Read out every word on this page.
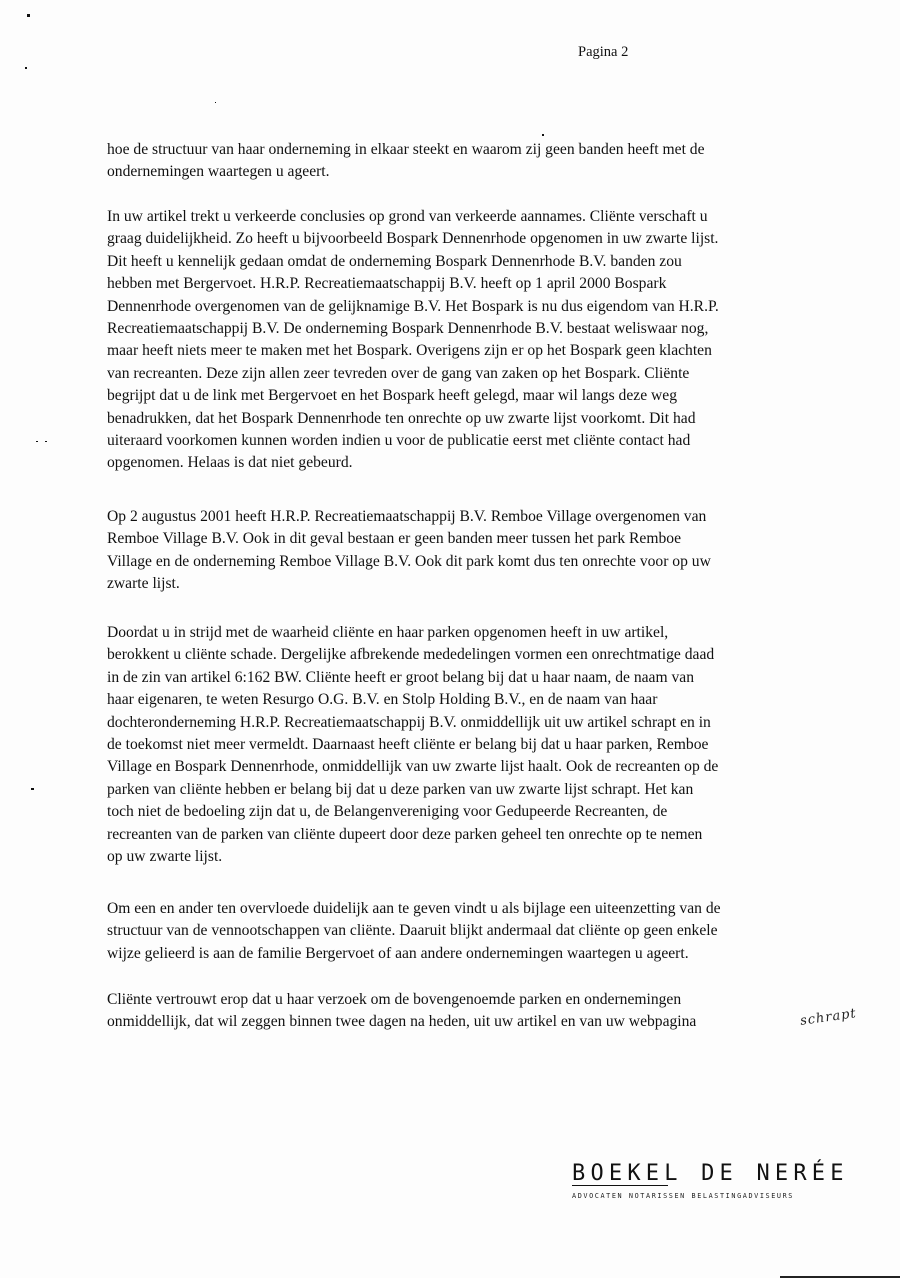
Pagina 2
hoe de structuur van haar onderneming in elkaar steekt en waarom zij geen banden heeft met de
ondernemingen waartegen u ageert.
In uw artikel trekt u verkeerde conclusies op grond van verkeerde aannames. Cliënte verschaft u
graag duidelijkheid. Zo heeft u bijvoorbeeld Bospark Dennenrhode opgenomen in uw zwarte lijst.
Dit heeft u kennelijk gedaan omdat de onderneming Bospark Dennenrhode B.V. banden zou
hebben met Bergervoet. H.R.P. Recreatiemaatschappij B.V. heeft op 1 april 2000 Bospark
Dennenrhode overgenomen van de gelijknamige B.V. Het Bospark is nu dus eigendom van H.R.P.
Recreatiemaatschappij B.V. De onderneming Bospark Dennenrhode B.V. bestaat weliswaar nog,
maar heeft niets meer te maken met het Bospark. Overigens zijn er op het Bospark geen klachten
van recreanten. Deze zijn allen zeer tevreden over de gang van zaken op het Bospark. Cliënte
begrijpt dat u de link met Bergervoet en het Bospark heeft gelegd, maar wil langs deze weg
benadrukken, dat het Bospark Dennenrhode ten onrechte op uw zwarte lijst voorkomt. Dit had
uiteraard voorkomen kunnen worden indien u voor de publicatie eerst met cliënte contact had
opgenomen. Helaas is dat niet gebeurd.
Op 2 augustus 2001 heeft H.R.P. Recreatiemaatschappij B.V. Remboe Village overgenomen van
Remboe Village B.V. Ook in dit geval bestaan er geen banden meer tussen het park Remboe
Village en de onderneming Remboe Village B.V. Ook dit park komt dus ten onrechte voor op uw
zwarte lijst.
Doordat u in strijd met de waarheid cliënte en haar parken opgenomen heeft in uw artikel,
berokkent u cliënte schade. Dergelijke afbrekende mededelingen vormen een onrechtmatige daad
in de zin van artikel 6:162 BW. Cliënte heeft er groot belang bij dat u haar naam, de naam van
haar eigenaren, te weten Resurgo O.G. B.V. en Stolp Holding B.V., en de naam van haar
dochteronderneming H.R.P. Recreatiemaatschappij B.V. onmiddellijk uit uw artikel schrapt en in
de toekomst niet meer vermeldt. Daarnaast heeft cliënte er belang bij dat u haar parken, Remboe
Village en Bospark Dennenrhode, onmiddellijk van uw zwarte lijst haalt. Ook de recreanten op de
parken van cliënte hebben er belang bij dat u deze parken van uw zwarte lijst schrapt. Het kan
toch niet de bedoeling zijn dat u, de Belangenvereniging voor Gedupeerde Recreanten, de
recreanten van de parken van cliënte dupeert door deze parken geheel ten onrechte op te nemen
op uw zwarte lijst.
Om een en ander ten overvloede duidelijk aan te geven vindt u als bijlage een uiteenzetting van de
structuur van de vennootschappen van cliënte. Daaruit blijkt andermaal dat cliënte op geen enkele
wijze gelieerd is aan de familie Bergervoet of aan andere ondernemingen waartegen u ageert.
Cliënte vertrouwt erop dat u haar verzoek om de bovengenoemde parken en ondernemingen
onmiddellijk, dat wil zeggen binnen twee dagen na heden, uit uw artikel en van uw webpagina	schrapt
BOEKEL DE NERÉE
ADVOCATEN NOTARISSEN BELASTINGADVISEURS
